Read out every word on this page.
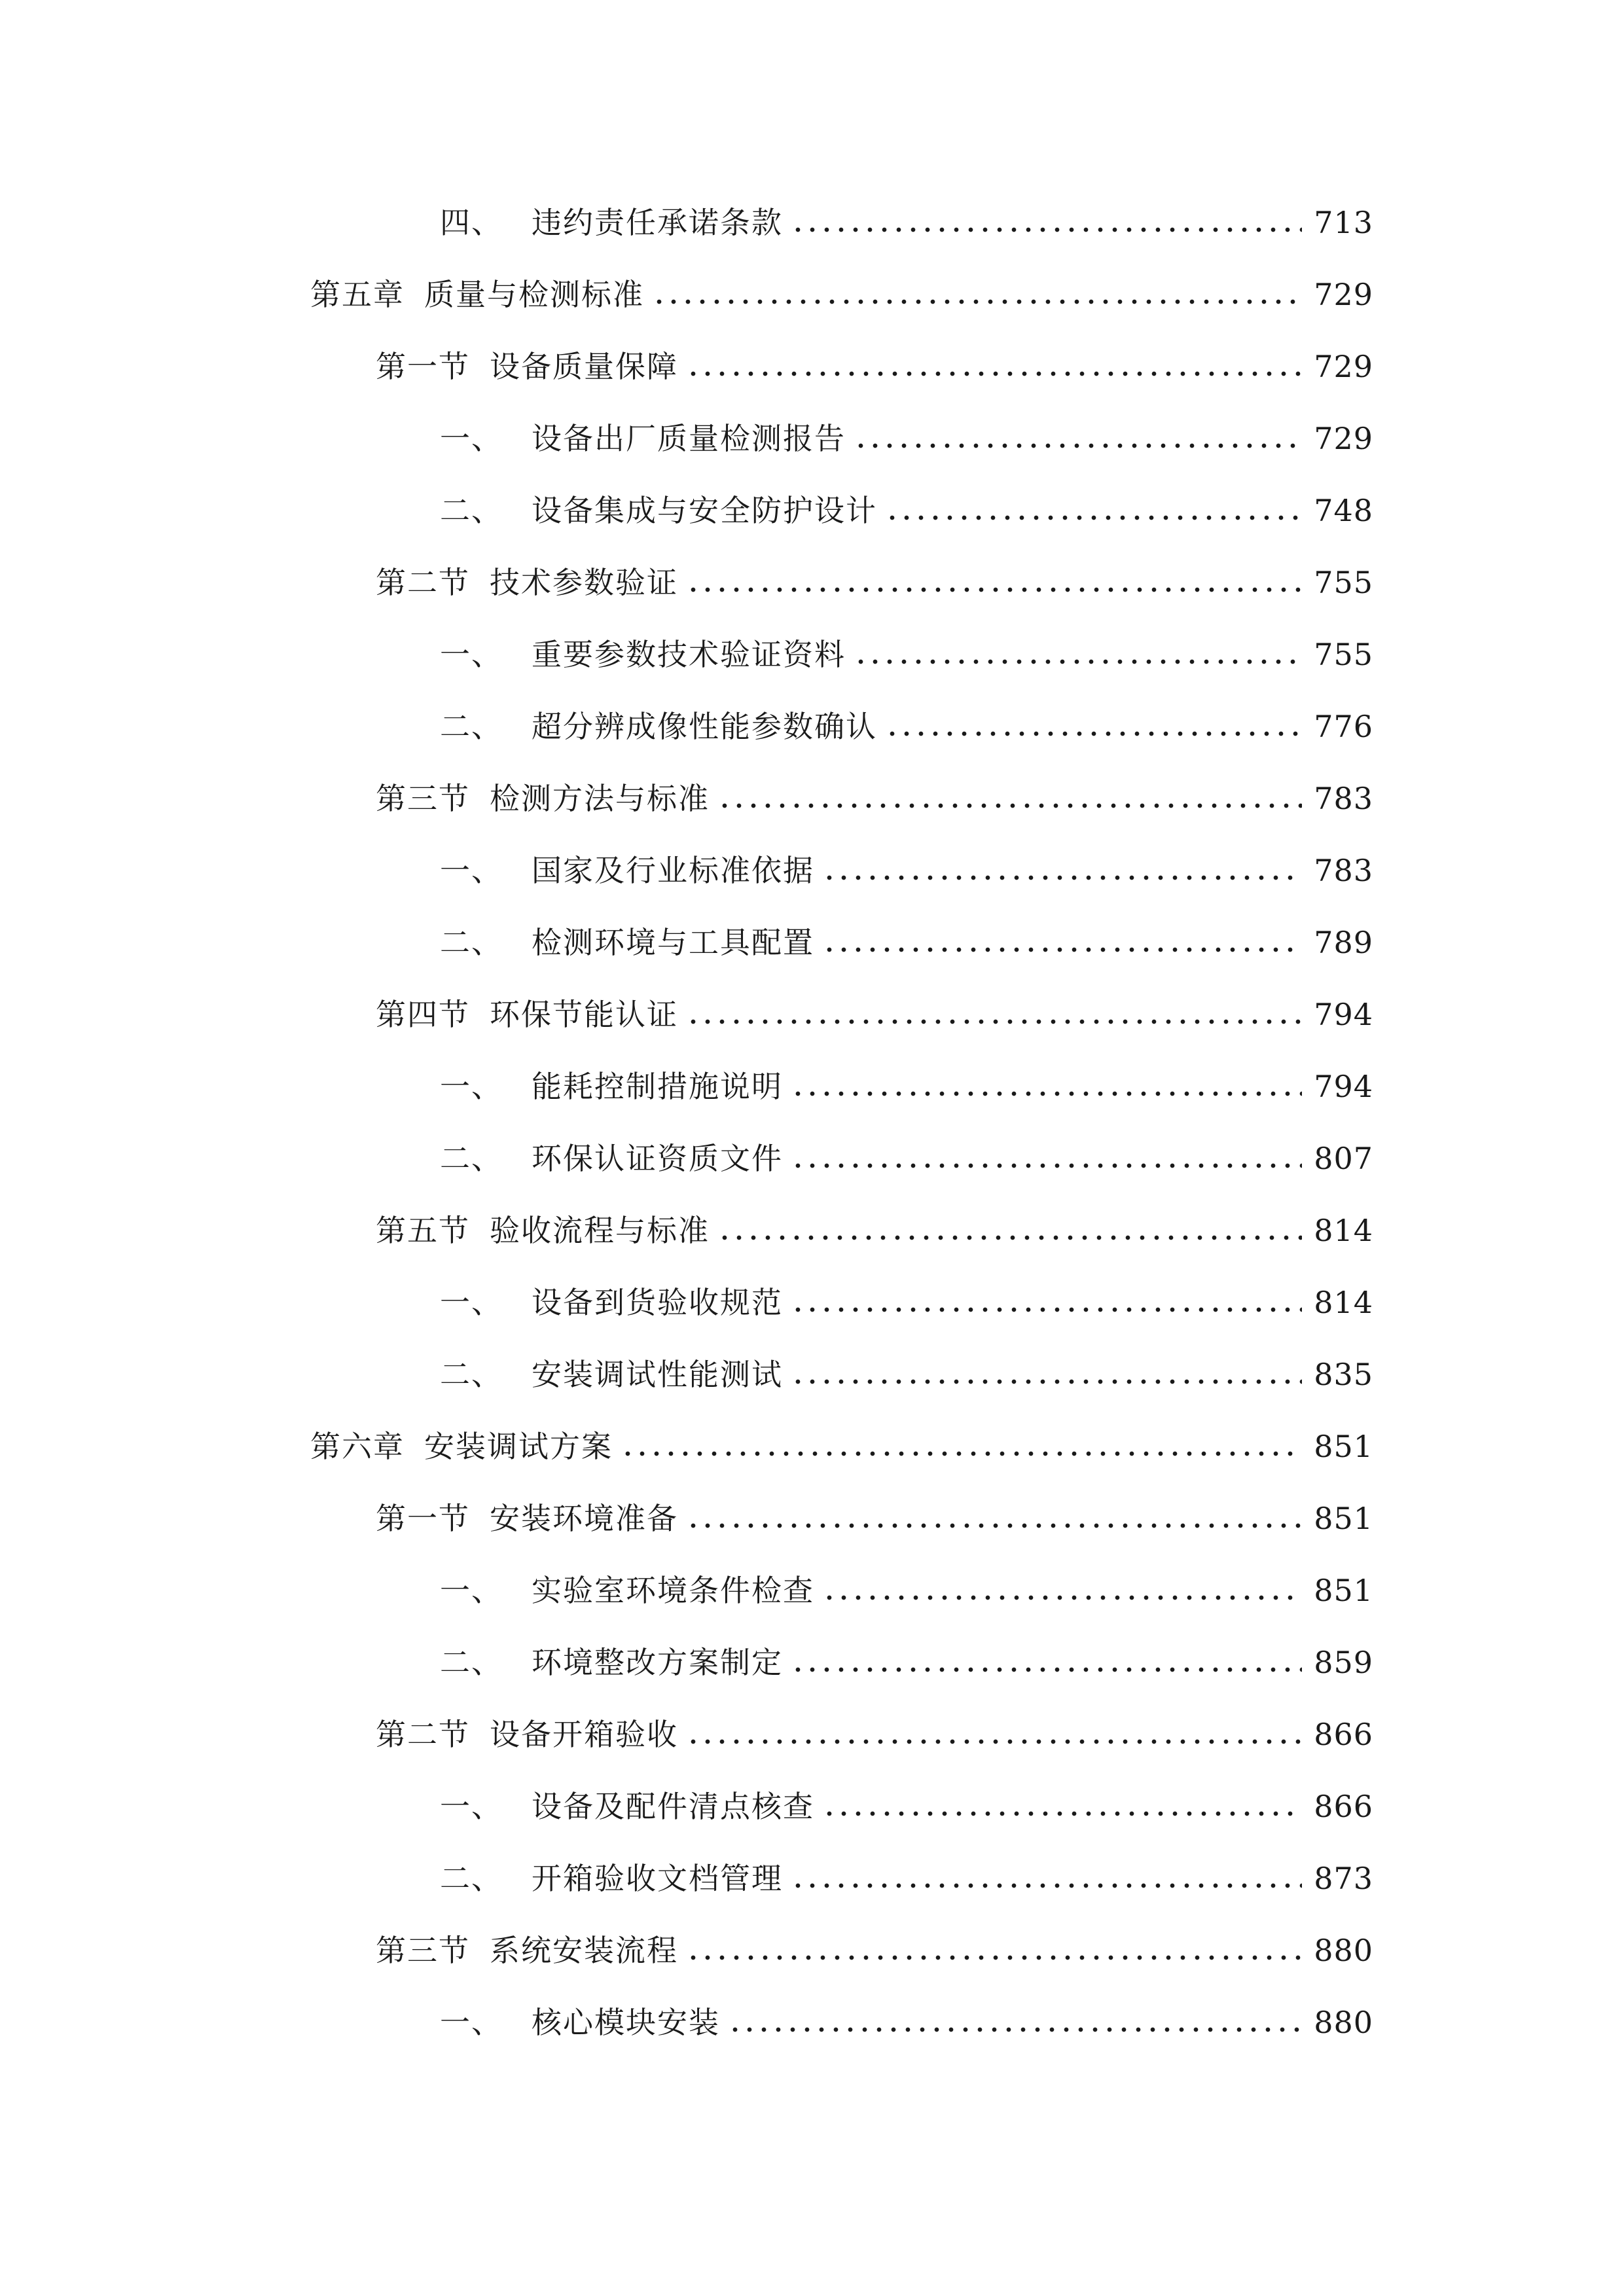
四、 违约责任承诺条款	713
第五章 质量与检测标准	729
第一节 设备质量保障	729
一、 设备出厂质量检测报告	729
二、 设备集成与安全防护设计	748
第二节 技术参数验证	755
一、 重要参数技术验证资料	755
二、 超分辨成像性能参数确认	776
第三节 检测方法与标准	783
一、 国家及行业标准依据	783
二、 检测环境与工具配置	789
第四节 环保节能认证	794
一、 能耗控制措施说明	794
二、 环保认证资质文件	807
第五节 验收流程与标准	814
一、 设备到货验收规范	814
二、 安装调试性能测试	835
第六章 安装调试方案	851
第一节 安装环境准备	851
一、 实验室环境条件检查	851
二、 环境整改方案制定	859
第二节 设备开箱验收	866
一、 设备及配件清点核查	866
二、 开箱验收文档管理	873
第三节 系统安装流程	880
一、 核心模块安装	880
